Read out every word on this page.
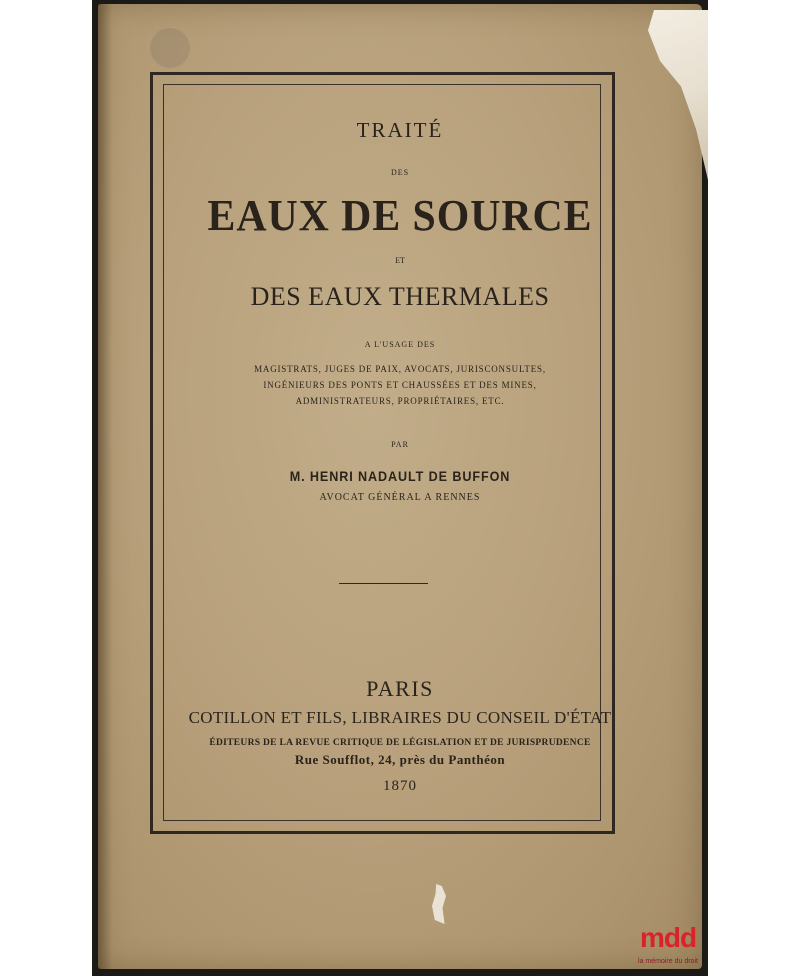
TRAITÉ
DES
EAUX DE SOURCE
ET
DES EAUX THERMALES
A L'USAGE DES
MAGISTRATS, JUGES DE PAIX, AVOCATS, JURISCONSULTES,
INGÉNIEURS DES PONTS ET CHAUSSÉES ET DES MINES,
ADMINISTRATEURS, PROPRIÉTAIRES, ETC.
PAR
M. HENRI NADAULT DE BUFFON
AVOCAT GÉNÉRAL A RENNES
PARIS
COTILLON ET FILS, LIBRAIRES DU CONSEIL D'ÉTAT
ÉDITEURS DE LA REVUE CRITIQUE DE LÉGISLATION ET DE JURISPRUDENCE
Rue Soufflot, 24, près du Panthéon
1870
mdd
la mémoire du droit
